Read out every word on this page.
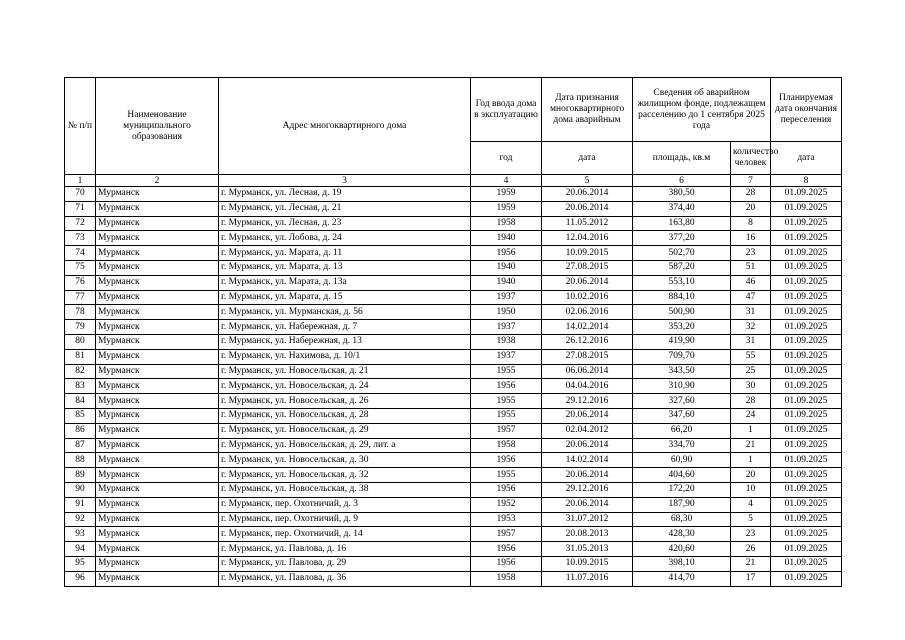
№ п/п	Наименование муниципального образования	Адрес многоквартирного дома	Год ввода дома в эксплуатацию	Дата признания многоквартирного дома аварийным	Сведения об аварийном жилищном фонде, подлежащем расселению до 1 сентября 2025 года		Планируемая дата окончания переселения
			год	дата	площадь, кв.м	количество человек	дата
1	2	3	4	5	6	7	8
70	Мурманск	г. Мурманск, ул. Лесная, д. 19	1959	20.06.2014	380,50	28	01.09.2025
71	Мурманск	г. Мурманск, ул. Лесная, д. 21	1959	20.06.2014	374,40	20	01.09.2025
72	Мурманск	г. Мурманск, ул. Лесная, д. 23	1958	11.05.2012	163,80	8	01.09.2025
73	Мурманск	г. Мурманск, ул. Лобова, д. 24	1940	12.04.2016	377,20	16	01.09.2025
74	Мурманск	г. Мурманск, ул. Марата, д. 11	1956	10.09.2015	502,70	23	01.09.2025
75	Мурманск	г. Мурманск, ул. Марата, д. 13	1940	27.08.2015	587,20	51	01.09.2025
76	Мурманск	г. Мурманск, ул. Марата, д. 13а	1940	20.06.2014	553,10	46	01.09.2025
77	Мурманск	г. Мурманск, ул. Марата, д. 15	1937	10.02.2016	884,10	47	01.09.2025
78	Мурманск	г. Мурманск, ул. Мурманская, д. 56	1950	02.06.2016	500,90	31	01.09.2025
79	Мурманск	г. Мурманск, ул. Набережная, д. 7	1937	14.02.2014	353,20	32	01.09.2025
80	Мурманск	г. Мурманск, ул. Набережная, д. 13	1938	26.12.2016	419,90	31	01.09.2025
81	Мурманск	г. Мурманск, ул. Нахимова, д. 10/1	1937	27.08.2015	709,70	55	01.09.2025
82	Мурманск	г. Мурманск, ул. Новосельская, д. 21	1955	06.06.2014	343,50	25	01.09.2025
83	Мурманск	г. Мурманск, ул. Новосельская, д. 24	1956	04.04.2016	310,90	30	01.09.2025
84	Мурманск	г. Мурманск, ул. Новосельская, д. 26	1955	29.12.2016	327,60	28	01.09.2025
85	Мурманск	г. Мурманск, ул. Новосельская, д. 28	1955	20.06.2014	347,60	24	01.09.2025
86	Мурманск	г. Мурманск, ул. Новосельская, д. 29	1957	02.04.2012	66,20	1	01.09.2025
87	Мурманск	г. Мурманск, ул. Новосельская, д. 29, лит. а	1958	20.06.2014	334,70	21	01.09.2025
88	Мурманск	г. Мурманск, ул. Новосельская, д. 30	1956	14.02.2014	60,90	1	01.09.2025
89	Мурманск	г. Мурманск, ул. Новосельская, д. 32	1955	20.06.2014	404,60	20	01.09.2025
90	Мурманск	г. Мурманск, ул. Новосельская, д. 38	1956	29.12.2016	172,20	10	01.09.2025
91	Мурманск	г. Мурманск, пер. Охотничий, д. 3	1952	20.06.2014	187,90	4	01.09.2025
92	Мурманск	г. Мурманск, пер. Охотничий, д. 9	1953	31.07.2012	68,30	5	01.09.2025
93	Мурманск	г. Мурманск, пер. Охотничий, д. 14	1957	20.08.2013	428,30	23	01.09.2025
94	Мурманск	г. Мурманск, ул. Павлова, д. 16	1956	31.05.2013	420,60	26	01.09.2025
95	Мурманск	г. Мурманск, ул. Павлова, д. 29	1956	10.09.2015	398,10	21	01.09.2025
96	Мурманск	г. Мурманск, ул. Павлова, д. 36	1958	11.07.2016	414,70	17	01.09.2025
